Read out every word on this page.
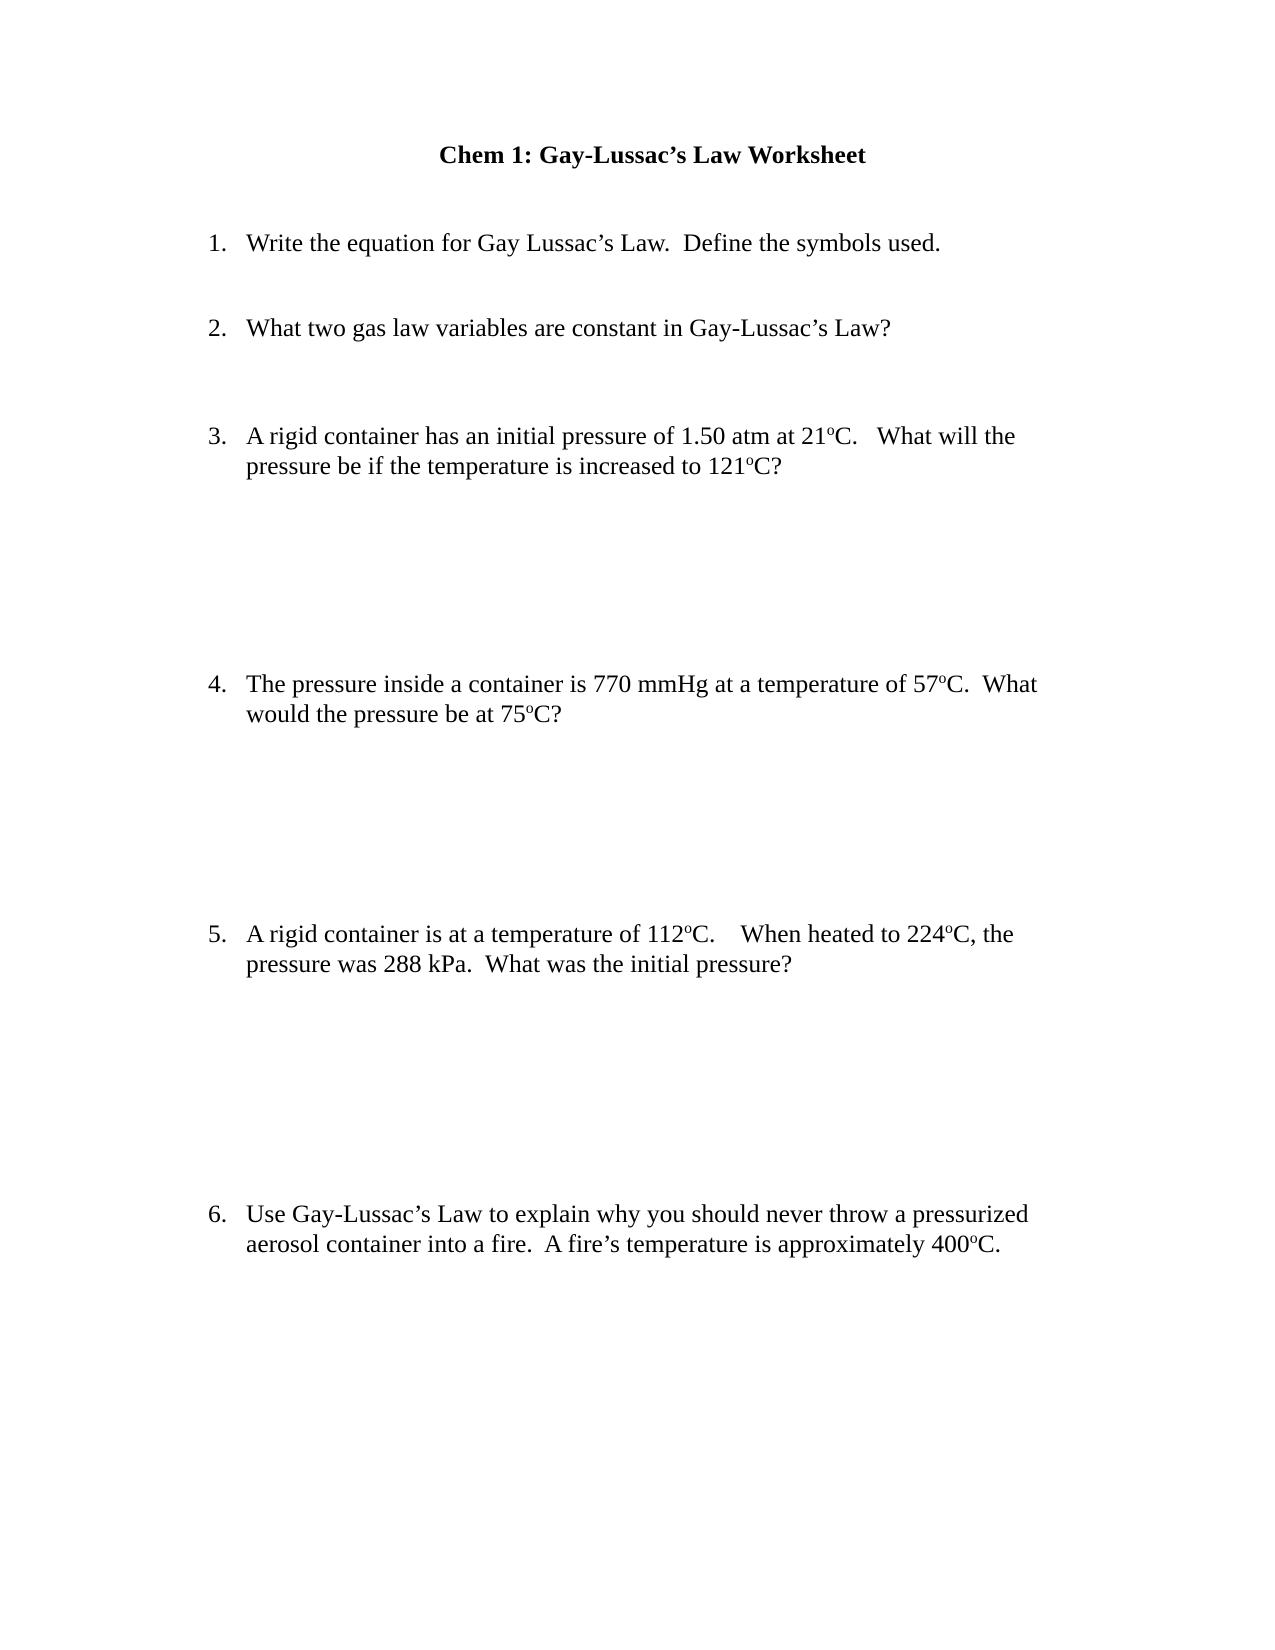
Chem 1: Gay-Lussac’s Law Worksheet
1. Write the equation for Gay Lussac’s Law.  Define the symbols used.
2. What two gas law variables are constant in Gay-Lussac’s Law?
3. A rigid container has an initial pressure of 1.50 atm at 21$^o$C.   What will the
pressure be if the temperature is increased to 121$^o$C?
4. The pressure inside a container is 770 mmHg at a temperature of 57$^o$C.  What
would the pressure be at 75$^o$C?
5. A rigid container is at a temperature of 112$^o$C.    When heated to 224$^o$C, the
pressure was 288 kPa.  What was the initial pressure?
6. Use Gay-Lussac’s Law to explain why you should never throw a pressurized
aerosol container into a fire.  A fire’s temperature is approximately 400$^o$C.
